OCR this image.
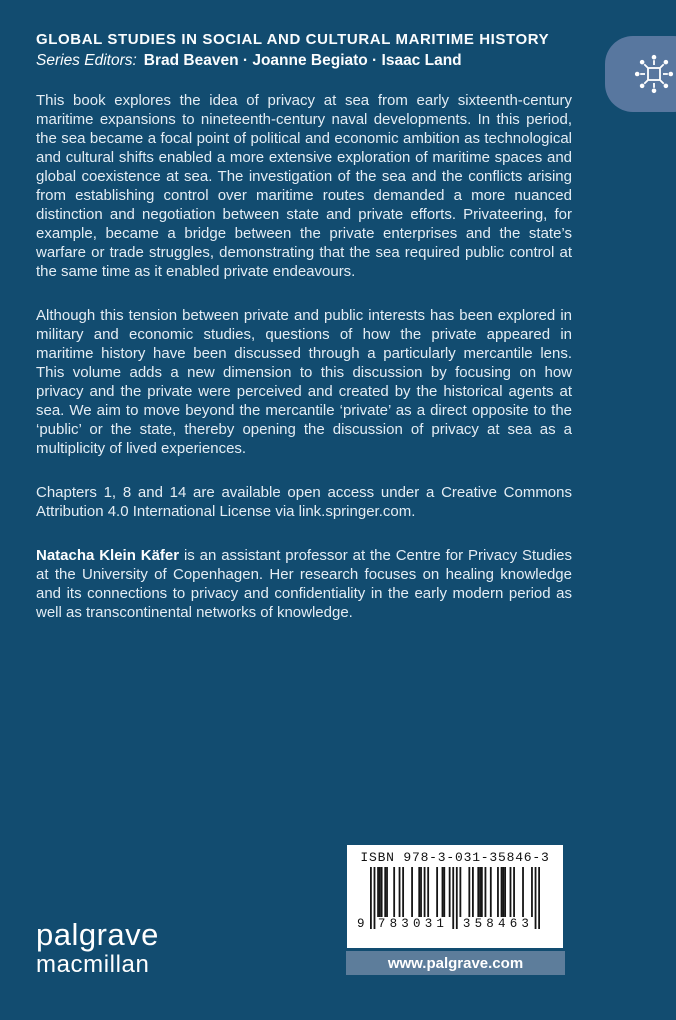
GLOBAL STUDIES IN SOCIAL AND CULTURAL MARITIME HISTORY
Series Editors: Brad Beaven · Joanne Begiato · Isaac Land

This book explores the idea of privacy at sea from early sixteenth-century maritime expansions to nineteenth-century naval developments. In this period, the sea became a focal point of political and economic ambition as technological and cultural shifts enabled a more extensive exploration of maritime spaces and global coexistence at sea. The investigation of the sea and the conflicts arising from establishing control over maritime routes demanded a more nuanced distinction and negotiation between state and private efforts. Privateering, for example, became a bridge between the private enterprises and the state’s warfare or trade struggles, demonstrating that the sea required public control at the same time as it enabled private endeavours.

Although this tension between private and public interests has been explored in military and economic studies, questions of how the private appeared in maritime history have been discussed through a particularly mercantile lens. This volume adds a new dimension to this discussion by focusing on how privacy and the private were perceived and created by the historical agents at sea. We aim to move beyond the mercantile ‘private’ as a direct opposite to the ‘public’ or the state, thereby opening the discussion of privacy at sea as a multiplicity of lived experiences.

Chapters 1, 8 and 14 are available open access under a Creative Commons Attribution 4.0 International License via link.springer.com.

Natacha Klein Käfer is an assistant professor at the Centre for Privacy Studies at the University of Copenhagen. Her research focuses on healing knowledge and its connections to privacy and confidentiality in the early modern period as well as transcontinental networks of knowledge.

palgrave
macmillan
ISBN 978-3-031-35846-3
9 783031 358463
www.palgrave.com
